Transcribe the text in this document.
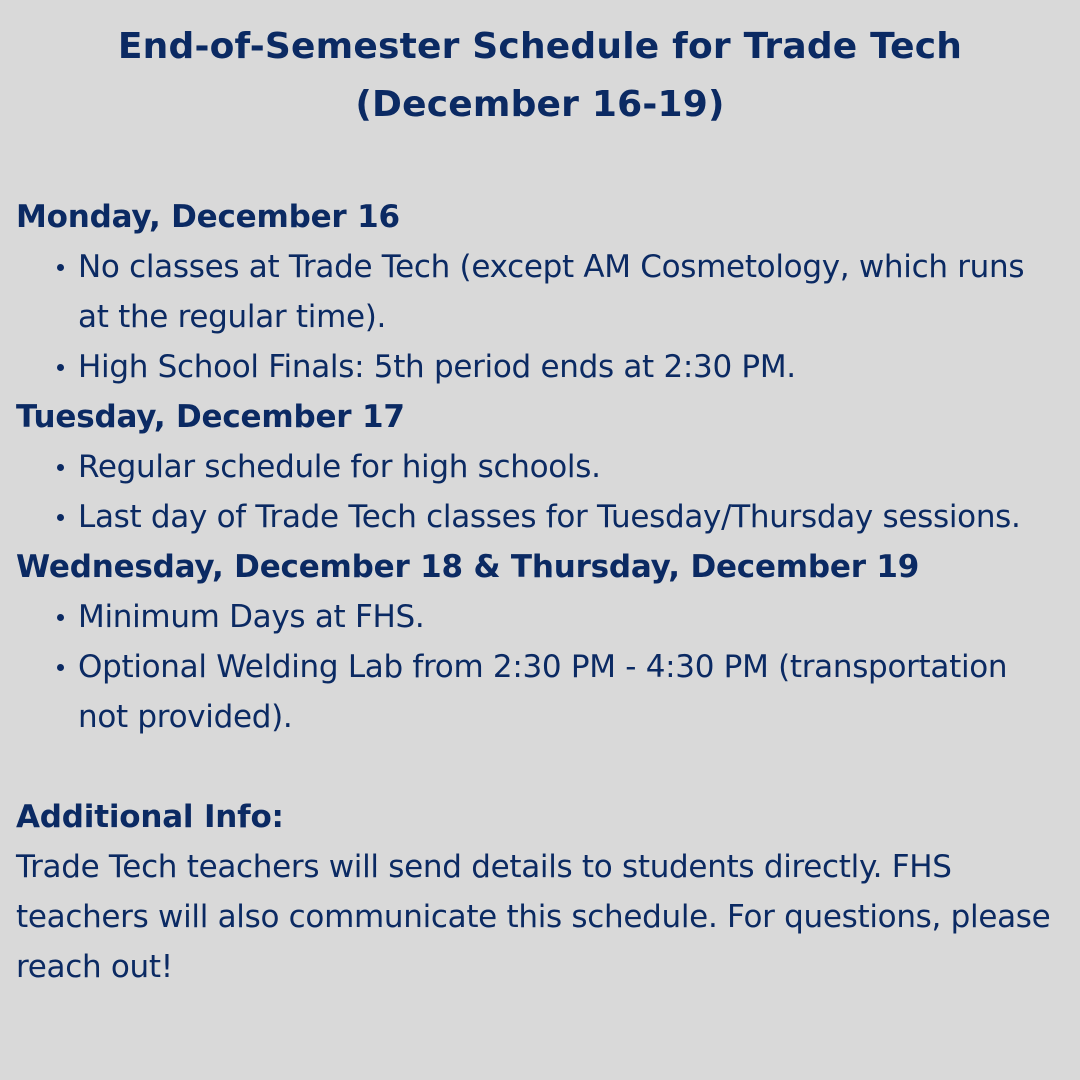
End-of-Semester Schedule for Trade Tech
(December 16-19)
Monday, December 16
No classes at Trade Tech (except AM Cosmetology, which runs at the regular time).
High School Finals: 5th period ends at 2:30 PM.
Tuesday, December 17
Regular schedule for high schools.
Last day of Trade Tech classes for Tuesday/Thursday sessions.
Wednesday, December 18 & Thursday, December 19
Minimum Days at FHS.
Optional Welding Lab from 2:30 PM - 4:30 PM (transportation not provided).
Additional Info:

Trade Tech teachers will send details to students directly. FHS teachers will also communicate this schedule. For questions, please reach out!
